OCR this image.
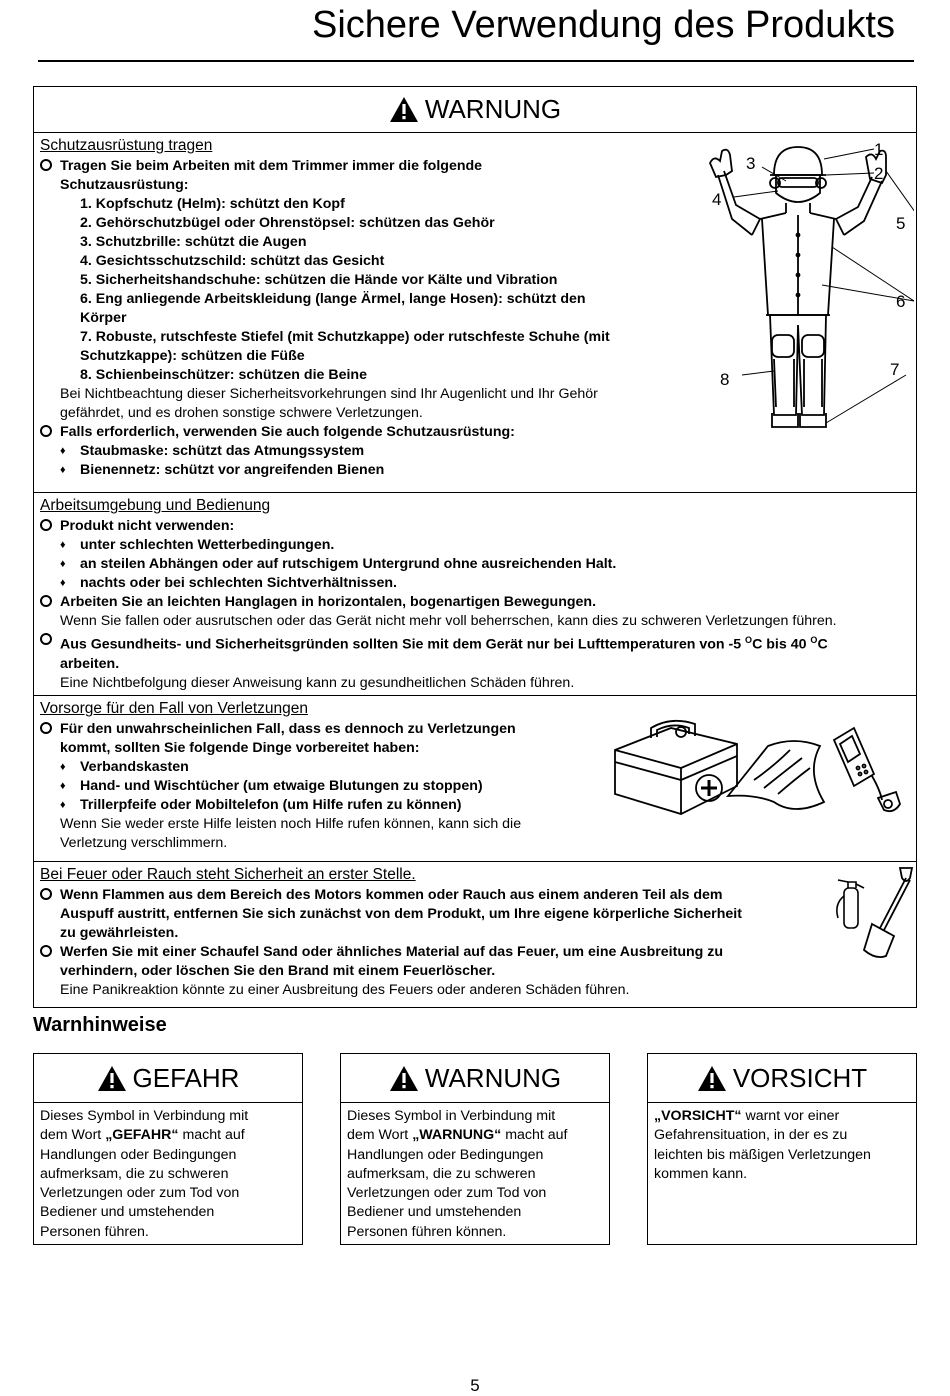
Sichere Verwendung des Produkts
WARNUNG
Schutzausrüstung tragen
Tragen Sie beim Arbeiten mit dem Trimmer immer die folgende
Schutzausrüstung:
1. Kopfschutz (Helm): schützt den Kopf
2. Gehörschutzbügel oder Ohrenstöpsel: schützen das Gehör
3. Schutzbrille: schützt die Augen
4. Gesichtsschutzschild: schützt das Gesicht
5. Sicherheitshandschuhe: schützen die Hände vor Kälte und Vibration
6. Eng anliegende Arbeitskleidung (lange Ärmel, lange Hosen): schützt den
Körper
7. Robuste, rutschfeste Stiefel (mit Schutzkappe) oder rutschfeste Schuhe (mit
Schutzkappe): schützen die Füße
8. Schienbeinschützer: schützen die Beine
Bei Nichtbeachtung dieser Sicherheitsvorkehrungen sind Ihr Augenlicht und Ihr Gehör
gefährdet, und es drohen sonstige schwere Verletzungen.
Falls erforderlich, verwenden Sie auch folgende Schutzausrüstung:
♦ Staubmaske: schützt das Atmungssystem
♦ Bienennetz: schützt vor angreifenden Bienen
1
2
3
4
5
6
7
8
Arbeitsumgebung und Bedienung
Produkt nicht verwenden:
♦ unter schlechten Wetterbedingungen.
♦ an steilen Abhängen oder auf rutschigem Untergrund ohne ausreichenden Halt.
♦ nachts oder bei schlechten Sichtverhältnissen.
Arbeiten Sie an leichten Hanglagen in horizontalen, bogenartigen Bewegungen.
Wenn Sie fallen oder ausrutschen oder das Gerät nicht mehr voll beherrschen, kann dies zu schweren Verletzungen führen.
Aus Gesundheits- und Sicherheitsgründen sollten Sie mit dem Gerät nur bei Lufttemperaturen von -5 $^O$C bis 40 $^O$C
arbeiten.
Eine Nichtbefolgung dieser Anweisung kann zu gesundheitlichen Schäden führen.
Vorsorge für den Fall von Verletzungen
Für den unwahrscheinlichen Fall, dass es dennoch zu Verletzungen
kommt, sollten Sie folgende Dinge vorbereitet haben:
♦ Verbandskasten
♦ Hand- und Wischtücher (um etwaige Blutungen zu stoppen)
♦ Trillerpfeife oder Mobiltelefon (um Hilfe rufen zu können)
Wenn Sie weder erste Hilfe leisten noch Hilfe rufen können, kann sich die
Verletzung verschlimmern.
Bei Feuer oder Rauch steht Sicherheit an erster Stelle.
Wenn Flammen aus dem Bereich des Motors kommen oder Rauch aus einem anderen Teil als dem
Auspuff austritt, entfernen Sie sich zunächst von dem Produkt, um Ihre eigene körperliche Sicherheit
zu gewährleisten.
Werfen Sie mit einer Schaufel Sand oder ähnliches Material auf das Feuer, um eine Ausbreitung zu
verhindern, oder löschen Sie den Brand mit einem Feuerlöscher.
Eine Panikreaktion könnte zu einer Ausbreitung des Feuers oder anderen Schäden führen.
Warnhinweise
GEFAHR
Dieses Symbol in Verbindung mit
dem Wort „GEFAHR“ macht auf
Handlungen oder Bedingungen
aufmerksam, die zu schweren
Verletzungen oder zum Tod von
Bediener und umstehenden
Personen führen.
WARNUNG
Dieses Symbol in Verbindung mit
dem Wort „WARNUNG“ macht auf
Handlungen oder Bedingungen
aufmerksam, die zu schweren
Verletzungen oder zum Tod von
Bediener und umstehenden
Personen führen können.
VORSICHT
„VORSICHT“ warnt vor einer
Gefahrensituation, in der es zu
leichten bis mäßigen Verletzungen
kommen kann.
5
